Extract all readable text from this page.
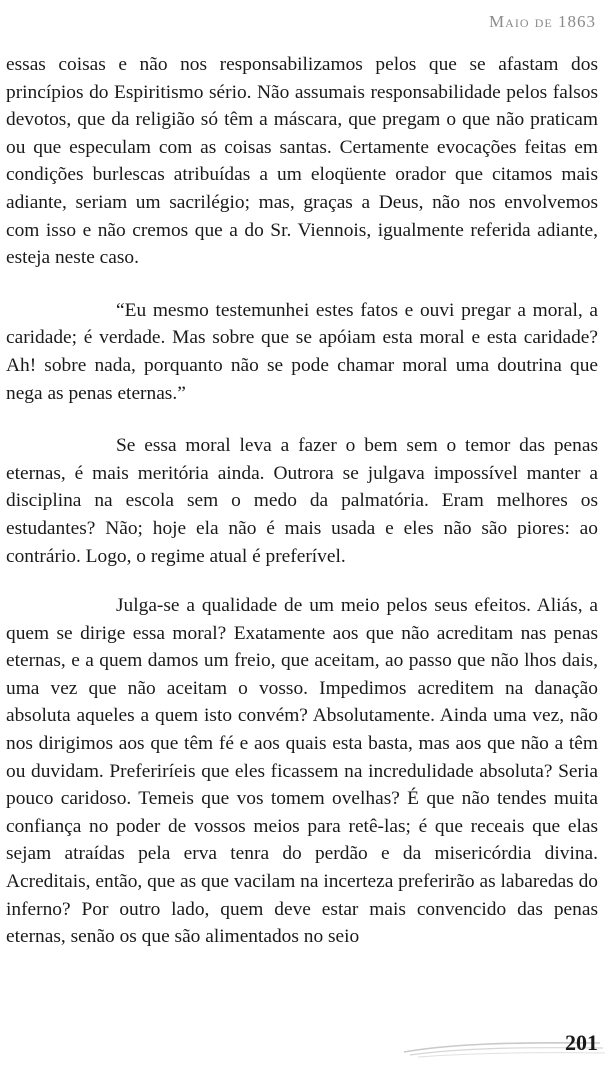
Maio de 1863

essas coisas e não nos responsabilizamos pelos que se afastam dos princípios do Espiritismo sério. Não assumais responsabilidade pelos falsos devotos, que da religião só têm a máscara, que pregam o que não praticam ou que especulam com as coisas santas. Certamente evocações feitas em condições burlescas atribuídas a um eloqüente orador que citamos mais adiante, seriam um sacrilégio; mas, graças a Deus, não nos envolvemos com isso e não cremos que a do Sr. Viennois, igualmente referida adiante, esteja neste caso.

“Eu mesmo testemunhei estes fatos e ouvi pregar a moral, a caridade; é verdade. Mas sobre que se apóiam esta moral e esta caridade? Ah! sobre nada, porquanto não se pode chamar moral uma doutrina que nega as penas eternas.”

Se essa moral leva a fazer o bem sem o temor das penas eternas, é mais meritória ainda. Outrora se julgava impossível manter a disciplina na escola sem o medo da palmatória. Eram melhores os estudantes? Não; hoje ela não é mais usada e eles não são piores: ao contrário. Logo, o regime atual é preferível.

Julga-se a qualidade de um meio pelos seus efeitos. Aliás, a quem se dirige essa moral? Exatamente aos que não acreditam nas penas eternas, e a quem damos um freio, que aceitam, ao passo que não lhos dais, uma vez que não aceitam o vosso. Impedimos acreditem na danação absoluta aqueles a quem isto convém? Absolutamente. Ainda uma vez, não nos dirigimos aos que têm fé e aos quais esta basta, mas aos que não a têm ou duvidam. Preferiríeis que eles ficassem na incredulidade absoluta? Seria pouco caridoso. Temeis que vos tomem ovelhas? É que não tendes muita confiança no poder de vossos meios para retê-las; é que receais que elas sejam atraídas pela erva tenra do perdão e da misericórdia divina. Acreditais, então, que as que vacilam na incerteza preferirão as labaredas do inferno? Por outro lado, quem deve estar mais convencido das penas eternas, senão os que são alimentados no seio

201
